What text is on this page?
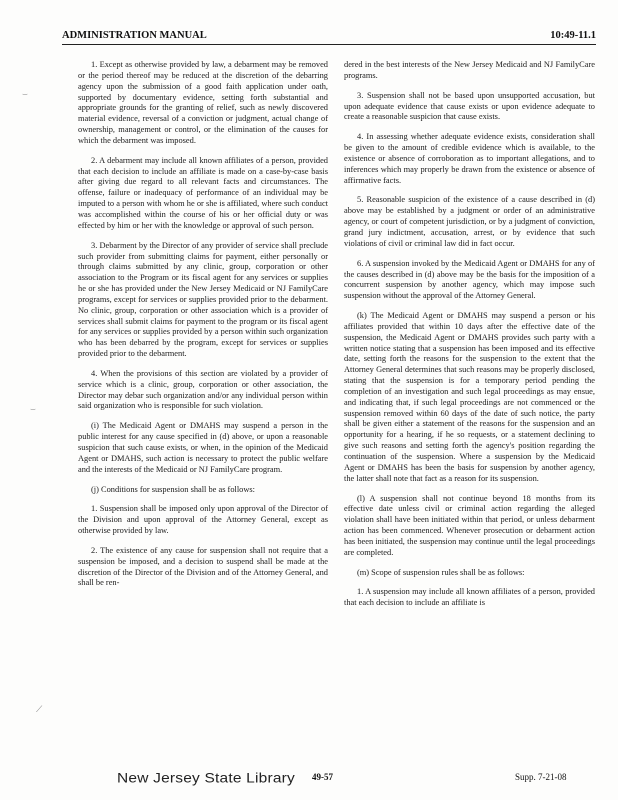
ADMINISTRATION MANUAL	10:49-11.1
⌣
⌣
⟋

1. Except as otherwise provided by law, a debarment may be removed or the period thereof may be reduced at the discretion of the debarring agency upon the submission of a good faith application under oath, supported by documentary evidence, setting forth substantial and appropriate grounds for the granting of relief, such as newly discovered material evidence, reversal of a conviction or judgment, actual change of ownership, management or control, or the elimination of the causes for which the debarment was imposed.

2. A debarment may include all known affiliates of a person, provided that each decision to include an affiliate is made on a case-by-case basis after giving due regard to all relevant facts and circumstances. The offense, failure or inadequacy of performance of an individual may be imputed to a person with whom he or she is affiliated, where such conduct was accomplished within the course of his or her official duty or was effected by him or her with the knowledge or approval of such person.

3. Debarment by the Director of any provider of service shall preclude such provider from submitting claims for payment, either personally or through claims submitted by any clinic, group, corporation or other association to the Program or its fiscal agent for any services or supplies he or she has provided under the New Jersey Medicaid or NJ FamilyCare programs, except for services or supplies provided prior to the debarment. No clinic, group, corporation or other association which is a provider of services shall submit claims for payment to the program or its fiscal agent for any services or supplies provided by a person within such organization who has been debarred by the program, except for services or supplies provided prior to the debarment.

4. When the provisions of this section are violated by a provider of service which is a clinic, group, corporation or other association, the Director may debar such organization and/or any individual person within said organization who is responsible for such violation.

(i) The Medicaid Agent or DMAHS may suspend a person in the public interest for any cause specified in (d) above, or upon a reasonable suspicion that such cause exists, or when, in the opinion of the Medicaid Agent or DMAHS, such action is necessary to protect the public welfare and the interests of the Medicaid or NJ FamilyCare program.

(j) Conditions for suspension shall be as follows:

1. Suspension shall be imposed only upon approval of the Director of the Division and upon approval of the Attorney General, except as otherwise provided by law.

2. The existence of any cause for suspension shall not require that a suspension be imposed, and a decision to suspend shall be made at the discretion of the Director of the Division and of the Attorney General, and shall be ren-

dered in the best interests of the New Jersey Medicaid and NJ FamilyCare programs.

3. Suspension shall not be based upon unsupported accusation, but upon adequate evidence that cause exists or upon evidence adequate to create a reasonable suspicion that cause exists.

4. In assessing whether adequate evidence exists, consideration shall be given to the amount of credible evidence which is available, to the existence or absence of corroboration as to important allegations, and to inferences which may properly be drawn from the existence or absence of affirmative facts.

5. Reasonable suspicion of the existence of a cause described in (d) above may be established by a judgment or order of an administrative agency, or court of competent jurisdiction, or by a judgment of conviction, grand jury indictment, accusation, arrest, or by evidence that such violations of civil or criminal law did in fact occur.

6. A suspension invoked by the Medicaid Agent or DMAHS for any of the causes described in (d) above may be the basis for the imposition of a concurrent suspension by another agency, which may impose such suspension without the approval of the Attorney General.

(k) The Medicaid Agent or DMAHS may suspend a person or his affiliates provided that within 10 days after the effective date of the suspension, the Medicaid Agent or DMAHS provides such party with a written notice stating that a suspension has been imposed and its effective date, setting forth the reasons for the suspension to the extent that the Attorney General determines that such reasons may be properly disclosed, stating that the suspension is for a temporary period pending the completion of an investigation and such legal proceedings as may ensue, and indicating that, if such legal proceedings are not commenced or the suspension removed within 60 days of the date of such notice, the party shall be given either a statement of the reasons for the suspension and an opportunity for a hearing, if he so requests, or a statement declining to give such reasons and setting forth the agency's position regarding the continuation of the suspension. Where a suspension by the Medicaid Agent or DMAHS has been the basis for suspension by another agency, the latter shall note that fact as a reason for its suspension.

(l) A suspension shall not continue beyond 18 months from its effective date unless civil or criminal action regarding the alleged violation shall have been initiated within that period, or unless debarment action has been commenced. Whenever prosecution or debarment action has been initiated, the suspension may continue until the legal proceedings are completed.

(m) Scope of suspension rules shall be as follows:

1. A suspension may include all known affiliates of a person, provided that each decision to include an affiliate is

New Jersey State Library 49-57	Supp. 7-21-08
